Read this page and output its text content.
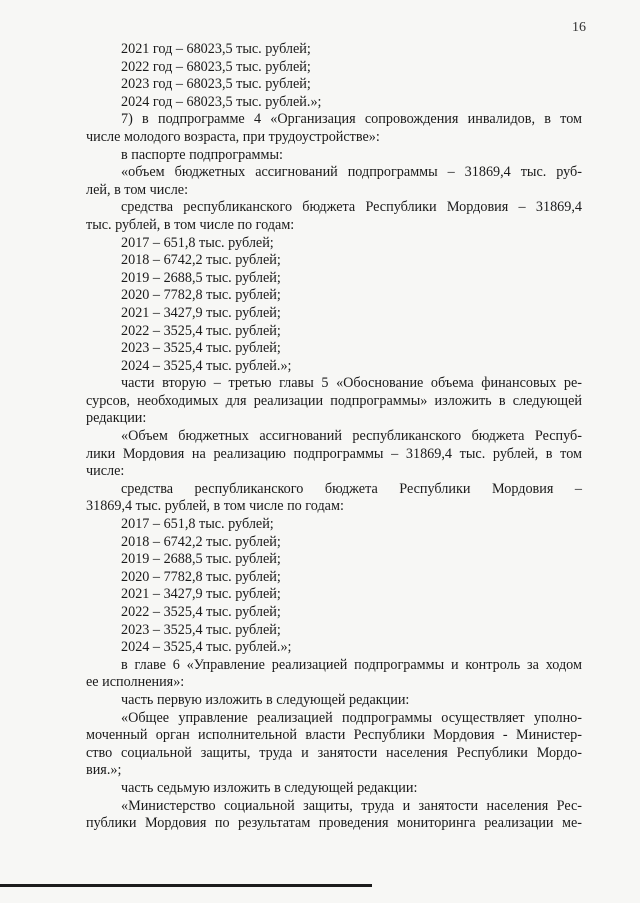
16
2021 год – 68023,5 тыс. рублей;
2022 год – 68023,5 тыс. рублей;
2023 год – 68023,5 тыс. рублей;
2024 год – 68023,5 тыс. рублей.»;
7) в подпрограмме 4 «Организация сопровождения инвалидов, в том
числе молодого возраста, при трудоустройстве»:
в паспорте подпрограммы:
«объем бюджетных ассигнований подпрограммы – 31869,4 тыс. руб-
лей, в том числе:
средства республиканского бюджета Республики Мордовия – 31869,4
тыс. рублей, в том числе по годам:
2017 – 651,8 тыс. рублей;
2018 – 6742,2 тыс. рублей;
2019 – 2688,5 тыс. рублей;
2020 – 7782,8 тыс. рублей;
2021 – 3427,9 тыс. рублей;
2022 – 3525,4 тыс. рублей;
2023 – 3525,4 тыс. рублей;
2024 – 3525,4 тыс. рублей.»;
части вторую – третью главы 5 «Обоснование объема финансовых ре-
сурсов, необходимых для реализации подпрограммы» изложить в следующей
редакции:
«Объем бюджетных ассигнований республиканского бюджета Респуб-
лики Мордовия на реализацию подпрограммы – 31869,4 тыс. рублей, в том
числе:
средства республиканского бюджета Республики Мордовия –
31869,4 тыс. рублей, в том числе по годам:
2017 – 651,8 тыс. рублей;
2018 – 6742,2 тыс. рублей;
2019 – 2688,5 тыс. рублей;
2020 – 7782,8 тыс. рублей;
2021 – 3427,9 тыс. рублей;
2022 – 3525,4 тыс. рублей;
2023 – 3525,4 тыс. рублей;
2024 – 3525,4 тыс. рублей.»;
в главе 6 «Управление реализацией подпрограммы и контроль за ходом
ее исполнения»:
часть первую изложить в следующей редакции:
«Общее управление реализацией подпрограммы осуществляет уполно-
моченный орган исполнительной власти Республики Мордовия - Министер-
ство социальной защиты, труда и занятости населения Республики Мордо-
вия.»;
часть седьмую изложить в следующей редакции:
«Министерство социальной защиты, труда и занятости населения Рес-
публики Мордовия по результатам проведения мониторинга реализации ме-
